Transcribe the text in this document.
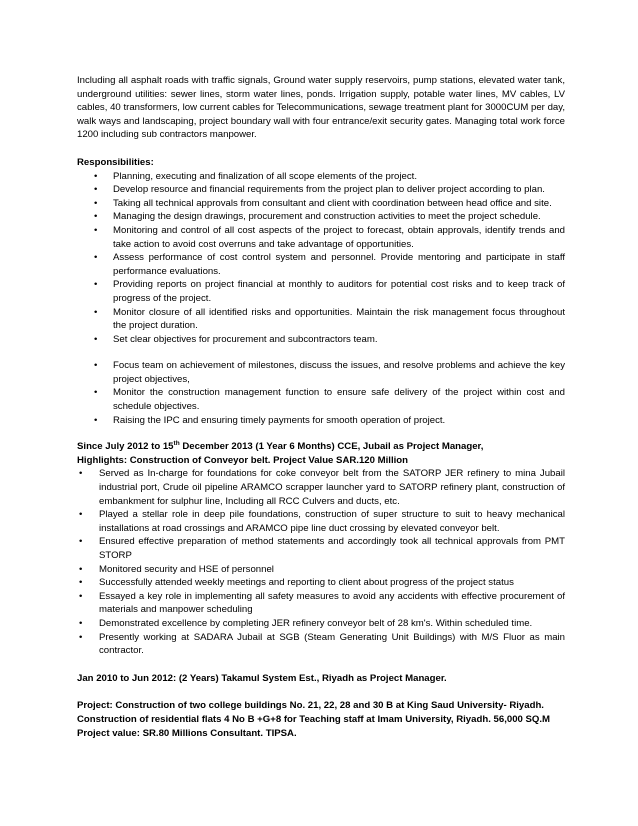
Including all asphalt roads with traffic signals, Ground water supply reservoirs, pump stations, elevated water tank, underground utilities: sewer lines, storm water lines, ponds. Irrigation supply, potable water lines, MV cables, LV cables, 40 transformers, low current cables for Telecommunications, sewage treatment plant for 3000CUM per day, walk ways and landscaping, project boundary wall with four entrance/exit security gates. Managing total work force 1200 including sub contractors manpower.

Responsibilities:

• Planning, executing and finalization of all scope elements of the project.
• Develop resource and financial requirements from the project plan to deliver project according to plan.
• Taking all technical approvals from consultant and client with coordination between head office and site.
• Managing the design drawings, procurement and construction activities to meet the project schedule.
• Monitoring and control of all cost aspects of the project to forecast, obtain approvals, identify trends and take action to avoid cost overruns and take advantage of opportunities.
• Assess performance of cost control system and personnel. Provide mentoring and participate in staff performance evaluations.
• Providing reports on project financial at monthly to auditors for potential cost risks and to keep track of progress of the project.
• Monitor closure of all identified risks and opportunities. Maintain the risk management focus throughout the project duration.
• Set clear objectives for procurement and subcontractors team.
• Focus team on achievement of milestones, discuss the issues, and resolve problems and achieve the key project objectives,
• Monitor the construction management function to ensure safe delivery of the project within cost and schedule objectives.
• Raising the IPC and ensuring timely payments for smooth operation of project.

Since July 2012 to 15th December 2013 (1 Year 6 Months) CCE, Jubail as Project Manager,

Highlights: Construction of Conveyor belt. Project Value SAR.120 Million

• Served as In-charge for foundations for coke conveyor belt from the SATORP JER refinery to mina Jubail industrial port, Crude oil pipeline ARAMCO scrapper launcher yard to SATORP refinery plant, construction of embankment for sulphur line, Including all RCC Culvers and ducts, etc.
• Played a stellar role in deep pile foundations, construction of super structure to suit to heavy mechanical installations at road crossings and ARAMCO pipe line duct crossing by elevated conveyor belt.
• Ensured effective preparation of method statements and accordingly took all technical approvals from PMT STORP
• Monitored security and HSE of personnel
• Successfully attended weekly meetings and reporting to client about progress of the project status
• Essayed a key role in implementing all safety measures to avoid any accidents with effective procurement of materials and manpower scheduling
• Demonstrated excellence by completing JER refinery conveyor belt of 28 km's. Within scheduled time.
• Presently working at SADARA Jubail at SGB (Steam Generating Unit Buildings) with M/S Fluor as main contractor.

Jan 2010 to Jun 2012: (2 Years) Takamul System Est., Riyadh as Project Manager.

Project: Construction of two college buildings No. 21, 22, 28 and 30 B at King Saud University- Riyadh.

Construction of residential flats 4 No B +G+8 for Teaching staff at Imam University, Riyadh. 56,000 SQ.M

Project value: SR.80 Millions Consultant. TIPSA.
